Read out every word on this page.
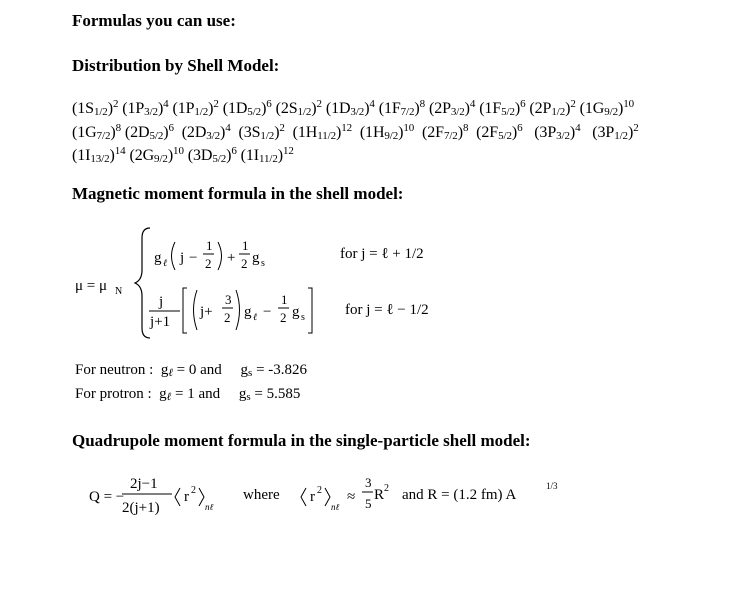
Formulas you can use:
Distribution by Shell Model:
$(1S_{1/2})^2$ $(1P_{3/2})^4$ $(1P_{1/2})^2$ $(1D_{5/2})^6$ $(2S_{1/2})^2$ $(1D_{3/2})^4$ $(1F_{7/2})^8$ $(2P_{3/2})^4$ $(1F_{5/2})^6$ $(2P_{1/2})^2$ $(1G_{9/2})^{10}$
$(1G_{7/2})^8$ $(2D_{5/2})^6$  $(2D_{3/2})^4$  $(3S_{1/2})^2$  $(1H_{11/2})^{12}$  $(1H_{9/2})^{10}$  $(2F_{7/2})^8$  $(2F_{5/2})^6$   $(3P_{3/2})^4$   $(3P_{1/2})^2$
$(1I_{13/2})^{14}$ $(2G_{9/2})^{10}$ $(3D_{5/2})^6$ $(1I_{11/2})^{12}$
Magnetic moment formula in the shell model:
μ = μ N
g ℓ j −
1
2 +
1
2 g s
for j = ℓ + 1/2
j
j+1
j+
3
2 g ℓ −
1
2 g s	for j = ℓ − 1/2
For neutron :  $g_\ell = 0$ and     $g_s = -3.826$
For protron :  $g_\ell = 1$ and     $g_s = 5.585$
Quadrupole moment formula in the single-particle shell model:
Q = −
2j−1
2(j+1)
r 2
nℓ
where r 2
nℓ
≈
3
5
R 2 and R = (1.2 fm) A
1/3
